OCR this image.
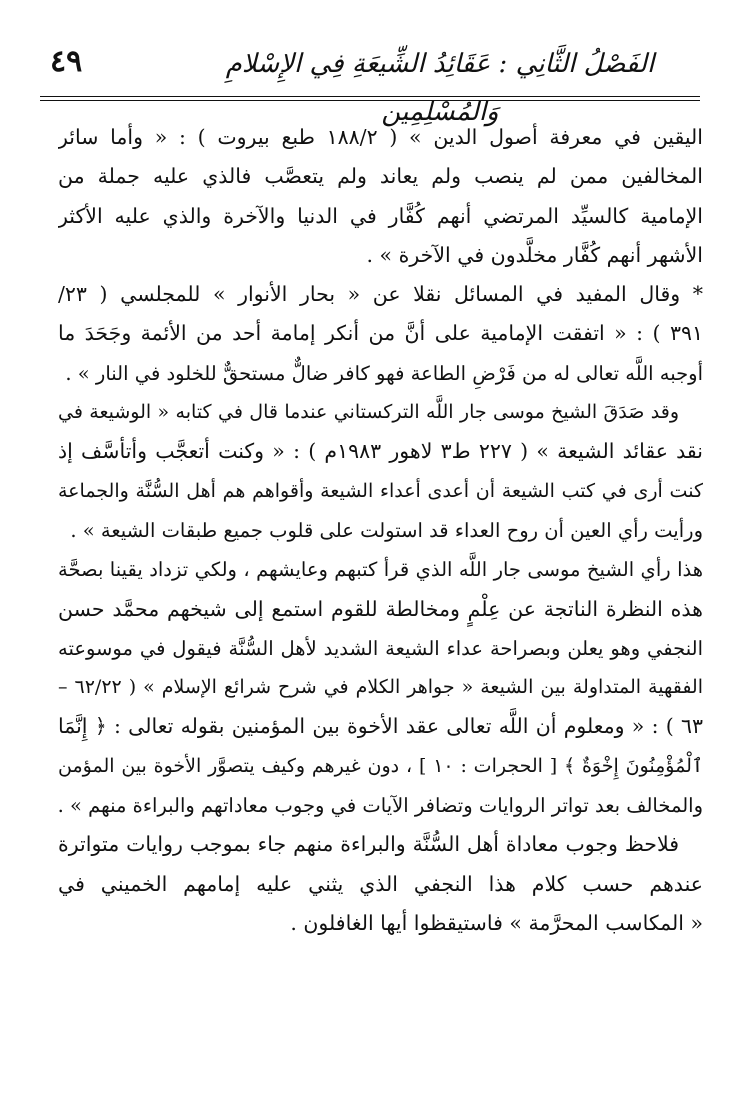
٤٩	الفَصْلُ الثَّانِي : عَقَائِدُ الشِّيعَةِ فِي الإِسْلامِ وَالمُسْلِمِين
اليقين في معرفة أصول الدين » ( ١٨٨/٢ طبع بيروت ) : « وأما سائر
المخالفين ممن لم ينصب ولم يعاند ولم يتعصَّب فالذي عليه جملة من
الإمامية كالسيِّد المرتضي أنهم كُفَّار في الدنيا والآخرة والذي عليه الأكثر
الأشهر أنهم كُفَّار مخلَّدون في الآخرة » .
* وقال المفيد في المسائل نقلا عن « بحار الأنوار » للمجلسي ( ٢٣/
٣٩١ ) : « اتفقت الإمامية على أنَّ من أنكر إمامة أحد من الأئمة وجَحَدَ ما
أوجبه اللَّه تعالى له من فَرْضِ الطاعة فهو كافر ضالٌّ مستحقٌّ للخلود في النار » .
وقد صَدَقَ الشيخ موسى جار اللَّه التركستاني عندما قال في كتابه « الوشيعة في
نقد عقائد الشيعة » ( ٢٢٧ ط٣ لاهور ١٩٨٣م ) : « وكنت أتعجَّب وأتأسَّف إذ
كنت أرى في كتب الشيعة أن أعدى أعداء الشيعة وأقواهم هم أهل السُّنَّة والجماعة
ورأيت رأي العين أن روح العداء قد استولت على قلوب جميع طبقات الشيعة » .
هذا رأي الشيخ موسى جار اللَّه الذي قرأ كتبهم وعايشهم ، ولكي تزداد يقينا بصحَّة
هذه النظرة الناتجة عن عِلْمٍ ومخالطة للقوم استمع إلى شيخهم محمَّد حسن
النجفي وهو يعلن وبصراحة عداء الشيعة الشديد لأهل السُّنَّة فيقول في موسوعته
الفقهية المتداولة بين الشيعة « جواهر الكلام في شرح شرائع الإسلام » ( ٦٢/٢٢ –
٦٣ ) : « ومعلوم أن اللَّه تعالى عقد الأخوة بين المؤمنين بقوله تعالى : ﴿ إِنَّمَا
ٱلْمُؤْمِنُونَ إِخْوَةٌ ﴾ [ الحجرات : ١٠ ] ، دون غيرهم وكيف يتصوَّر الأخوة بين المؤمن
والمخالف بعد تواتر الروايات وتضافر الآيات في وجوب معاداتهم والبراءة منهم » .
فلاحظ وجوب معاداة أهل السُّنَّة والبراءة منهم جاء بموجب روايات متواترة
عندهم حسب كلام هذا النجفي الذي يثني عليه إمامهم الخميني في
« المكاسب المحرَّمة » فاستيقظوا أيها الغافلون .
